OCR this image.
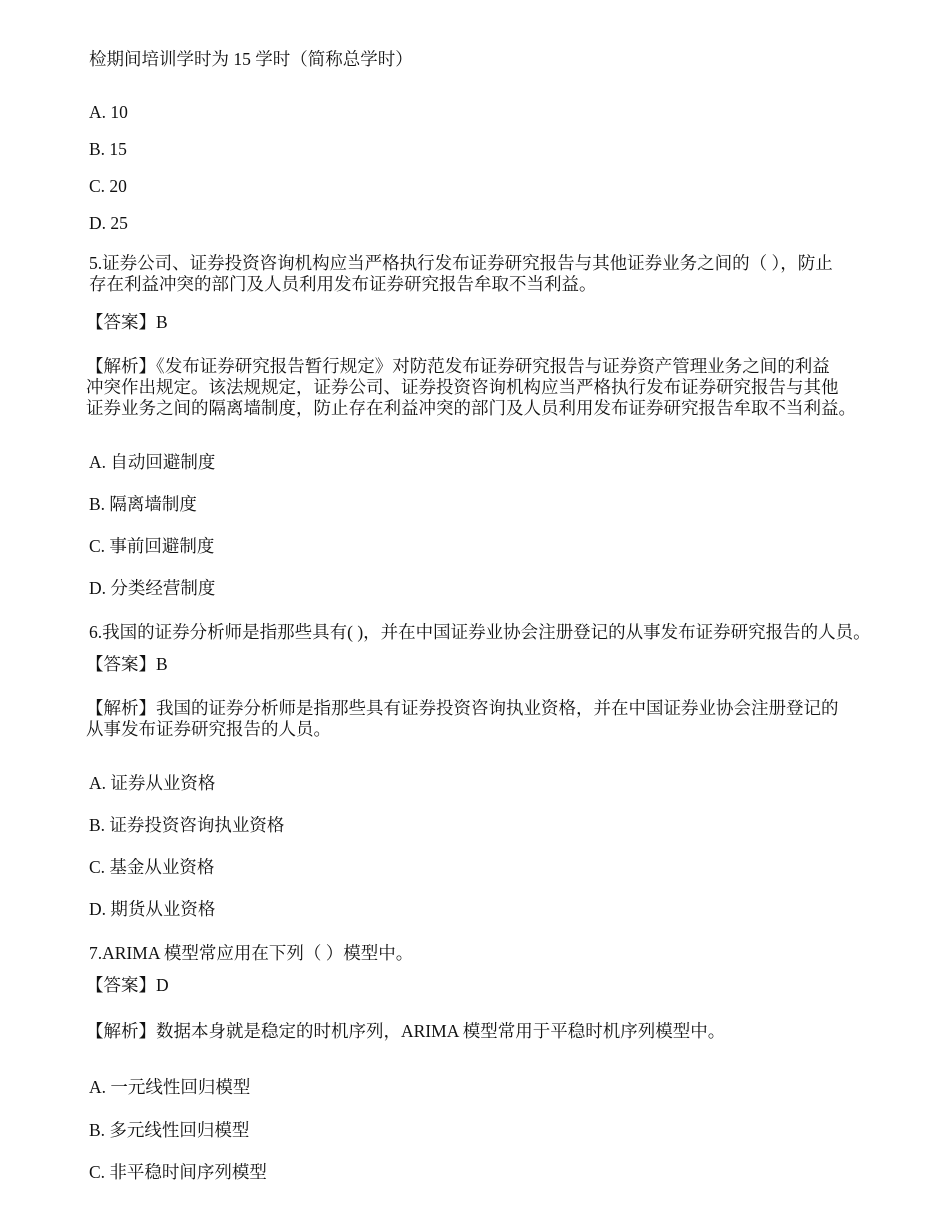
检期间培训学时为 15 学时（简称总学时）
A. 10
B. 15
C. 20
D. 25
5.证券公司、证券投资咨询机构应当严格执行发布证券研究报告与其他证券业务之间的（ ），防止
存在利益冲突的部门及人员利用发布证券研究报告牟取不当利益。
【答案】B
【解析】《发布证券研究报告暂行规定》对防范发布证券研究报告与证券资产管理业务之间的利益
冲突作出规定。该法规规定，证券公司、证券投资咨询机构应当严格执行发布证券研究报告与其他
证券业务之间的隔离墙制度，防止存在利益冲突的部门及人员利用发布证券研究报告牟取不当利益。
A. 自动回避制度
B. 隔离墙制度
C. 事前回避制度
D. 分类经营制度
6.我国的证券分析师是指那些具有( )，并在中国证券业协会注册登记的从事发布证券研究报告的人员。
【答案】B
【解析】我国的证券分析师是指那些具有证券投资咨询执业资格，并在中国证券业协会注册登记的
从事发布证券研究报告的人员。
A. 证券从业资格
B. 证券投资咨询执业资格
C. 基金从业资格
D. 期货从业资格
7.ARIMA 模型常应用在下列（ ）模型中。
【答案】D
【解析】数据本身就是稳定的时机序列，ARIMA 模型常用于平稳时机序列模型中。
A. 一元线性回归模型
B. 多元线性回归模型
C. 非平稳时间序列模型
